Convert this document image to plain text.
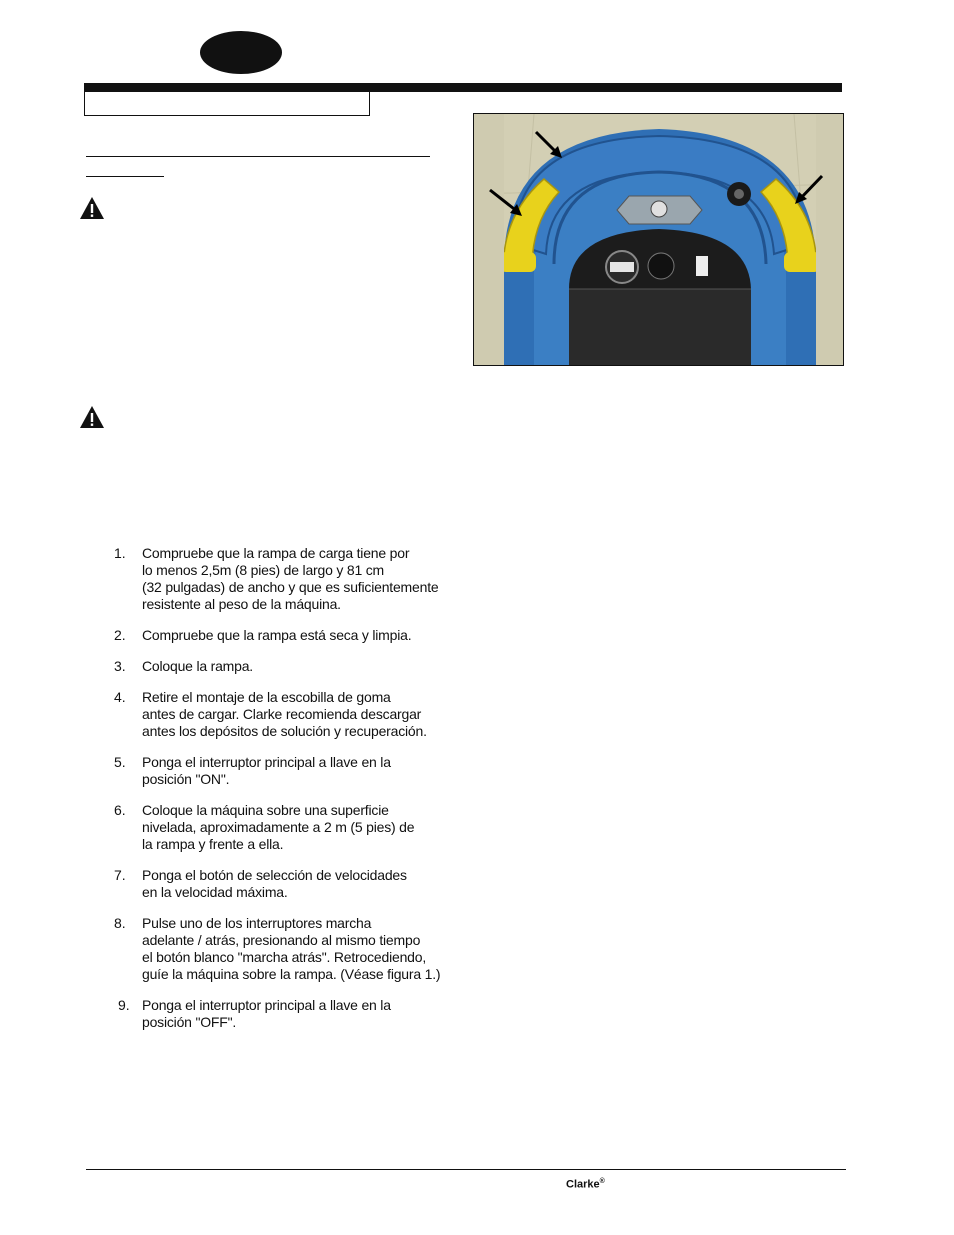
1. Compruebe que la rampa de carga tiene por
lo menos 2,5m (8 pies) de largo y 81 cm
(32 pulgadas) de ancho y que es suficientemente
resistente al peso de la máquina.
2. Compruebe que la rampa está seca y limpia.
3. Coloque la rampa.
4. Retire el montaje de la escobilla de goma
antes de cargar. Clarke recomienda descargar
antes los depósitos de solución y recuperación.
5. Ponga el interruptor principal a llave en la
posición "ON".
6. Coloque la máquina sobre una superficie
nivelada, aproximadamente a 2 m (5 pies) de
la rampa y frente a ella.
7. Ponga el botón de selección de velocidades
en la velocidad máxima.
8. Pulse uno de los interruptores marcha
adelante / atrás, presionando al mismo tiempo
el botón blanco "marcha atrás". Retrocediendo,
guíe la máquina sobre la rampa. (Véase figura 1.)
9. Ponga el interruptor principal a llave en la
posición "OFF".
Clarke®
